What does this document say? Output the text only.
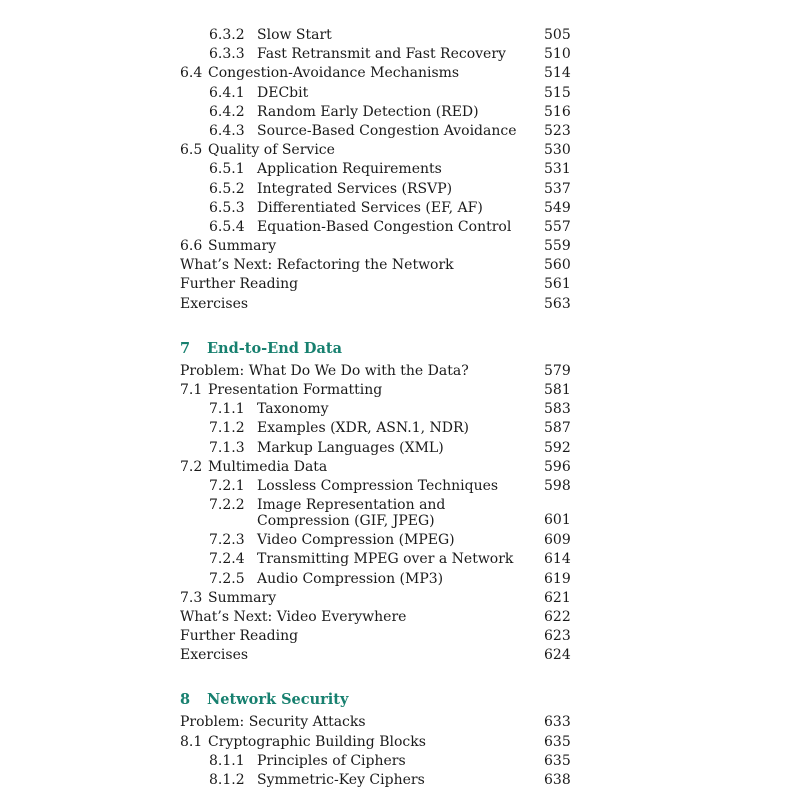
6.3.2 Slow Start	505
6.3.3 Fast Retransmit and Fast Recovery	510
6.4 Congestion-Avoidance Mechanisms	514
6.4.1 DECbit	515
6.4.2 Random Early Detection (RED)	516
6.4.3 Source-Based Congestion Avoidance 523
6.5 Quality of Service	530
6.5.1 Application Requirements	531
6.5.2 Integrated Services (RSVP)	537
6.5.3 Differentiated Services (EF, AF)	549
6.5.4 Equation-Based Congestion Control 557
6.6 Summary	559
What’s Next: Refactoring the Network	560
Further Reading	561
Exercises	563
7 End-to-End Data
Problem: What Do We Do with the Data?	579
7.1 Presentation Formatting	581
7.1.1 Taxonomy	583
7.1.2 Examples (XDR, ASN.1, NDR)	587
7.1.3 Markup Languages (XML)	592
7.2 Multimedia Data	596
7.2.1 Lossless Compression Techniques	598
7.2.2 Image Representation and Compression (GIF, JPEG)	601
7.2.3 Video Compression (MPEG)	609
7.2.4 Transmitting MPEG over a Network 614
7.2.5 Audio Compression (MP3)	619
7.3 Summary	621
What’s Next: Video Everywhere	622
Further Reading	623
Exercises	624
8 Network Security
Problem: Security Attacks	633
8.1 Cryptographic Building Blocks	635
8.1.1 Principles of Ciphers	635
8.1.2 Symmetric-Key Ciphers	638
